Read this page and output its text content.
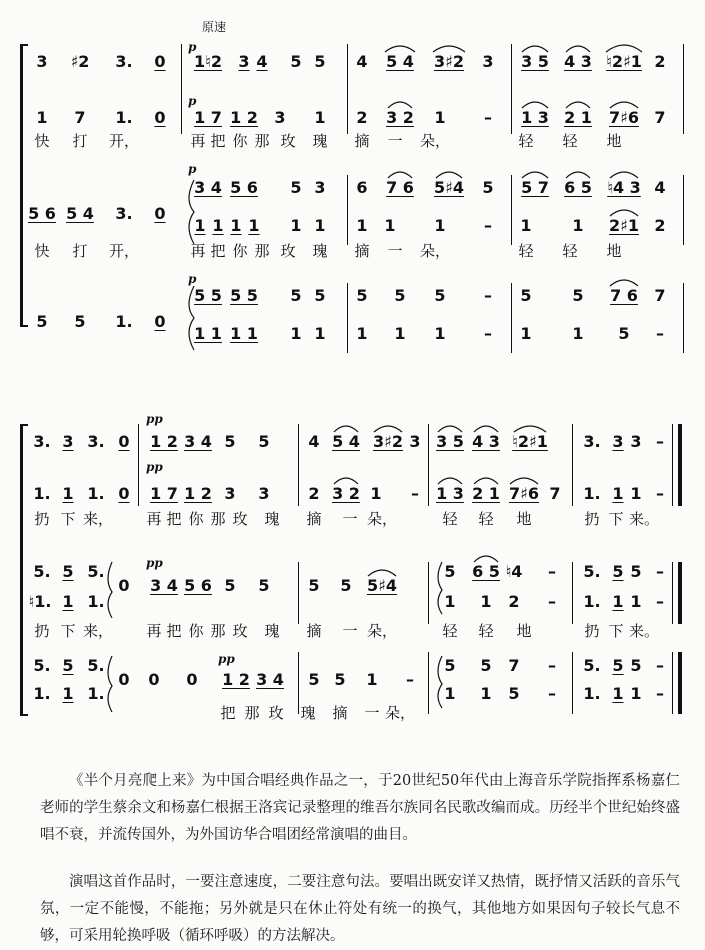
原速
p
p
p
p
3 ♯2 3. 0 1♮2 3 4 5 5 4 5 4 3♯2 3 3 5 4 3 ♮2♯1 2
1 7 1. 0 1 7 1 2 3 1 2 3 2 1 – 1 3 2 1 7♯6 7
快 打 开，	再 把 你 那 玫 瑰 摘 一 朵，	轻 轻 地
3 4 5 6 5 3 6 7 6 5♯4 5 5 7 6 5 ♮4 3 4
5 6 5 4 3. 0
1 1 1 1 1 1 1 1 1 – 1	1 2♯1 2
快 打 开，	再 把 你 那 玫 瑰 摘 一 朵，	轻 轻 地
5 5 5 5 5 5 5 5 5 – 5	5 7 6 7
5 5 1. 0
1 1 1 1 1 1 1 1 1 – 1	1 5 –
pp
pp
pp
pp
3. 3 3. 0 1 2 3 4 5 5 4 5 4 3♯2 3 3 5 4 3 ♮2♯1 3. 3 3 –
1. 1 1. 0 1 7 1 2 3 3 2 3 2 1 – 1 3 2 1 7♯6 7 1. 1 1 –
扔 下 来， 再 把 你 那 玫 瑰 摘 一 朵，	轻 轻 地	扔 下 来。
5. 5 5.
0 3 4 5 6 5 5 5 5 5♯4
5 6 5 ♮4 – 5. 5 5 –
♮1. 1 1.	1 1 2 – 1. 1 1 –
扔 下 来， 再 把 你 那 玫 瑰 摘 一 朵，	轻 轻 地	扔 下 来。
5. 5 5.
0 0 0 1 2 3 4 5 5 1 –
5 5 7 – 5. 5 5 –
1. 1 1.	1 1 5 – 1. 1 1 –
把 那 玫 瑰 摘 一 朵，
《半个月亮爬上来》为中国合唱经典作品之一，于20世纪50年代由上海音乐学院指挥系杨嘉仁老师的学生蔡余文和杨嘉仁根据王洛宾记录整理的维吾尔族同名民歌改编而成。历经半个世纪始终盛唱不衰，并流传国外，为外国访华合唱团经常演唱的曲目。
演唱这首作品时，一要注意速度，二要注意句法。要唱出既安详又热情，既抒情又活跃的音乐气氛，一定不能慢，不能拖；另外就是只在休止符处有统一的换气，其他地方如果因句子较长气息不够，可采用轮换呼吸（循环呼吸）的方法解决。
